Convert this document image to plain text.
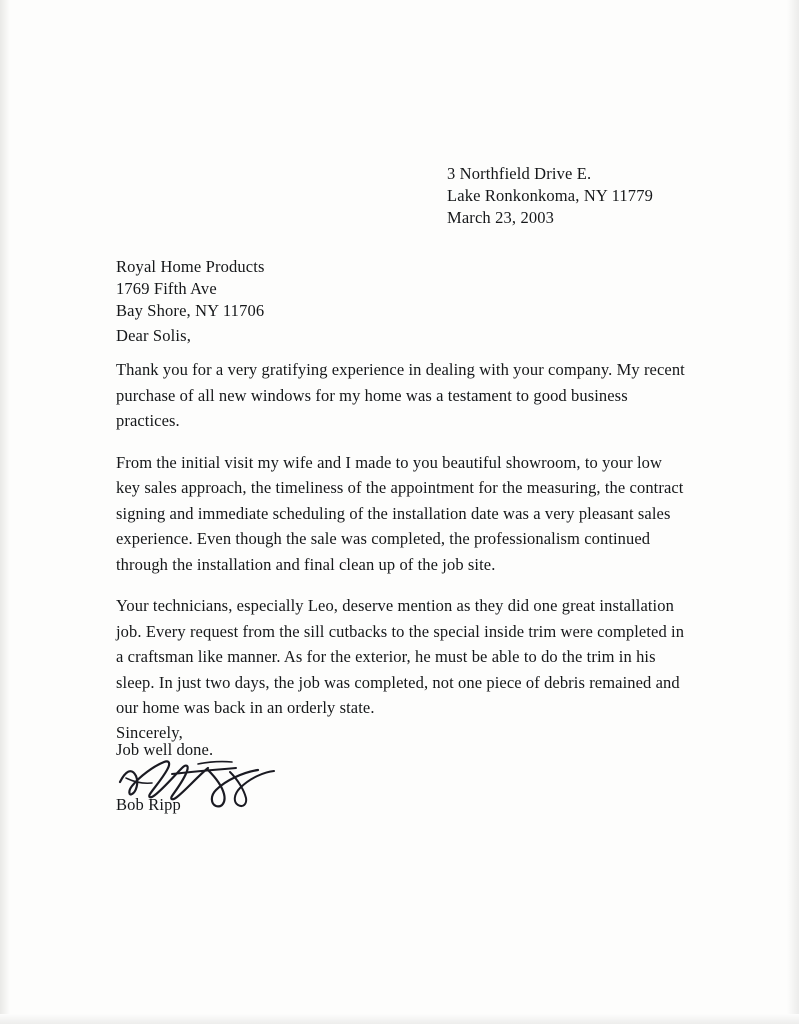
3 Northfield Drive E.
Lake Ronkonkoma, NY 11779
March 23, 2003
Royal Home Products
1769 Fifth Ave
Bay Shore, NY 11706
Dear Solis,

Thank you for a very gratifying experience in dealing with your company. My recent purchase of all new windows for my home was a testament to good business practices.

From the initial visit my wife and I made to you beautiful showroom, to your low key sales approach, the timeliness of the appointment for the measuring, the contract signing and immediate scheduling of the installation date was a very pleasant sales experience. Even though the sale was completed, the professionalism continued through the installation and final clean up of the job site.

Your technicians, especially Leo, deserve mention as they did one great installation job. Every request from the sill cutbacks to the special inside trim were completed in a craftsman like manner. As for the exterior, he must be able to do the trim in his sleep. In just two days, the job was completed, not one piece of debris remained and our home was back in an orderly state.

Job well done.

Sincerely,
Bob Ripp
